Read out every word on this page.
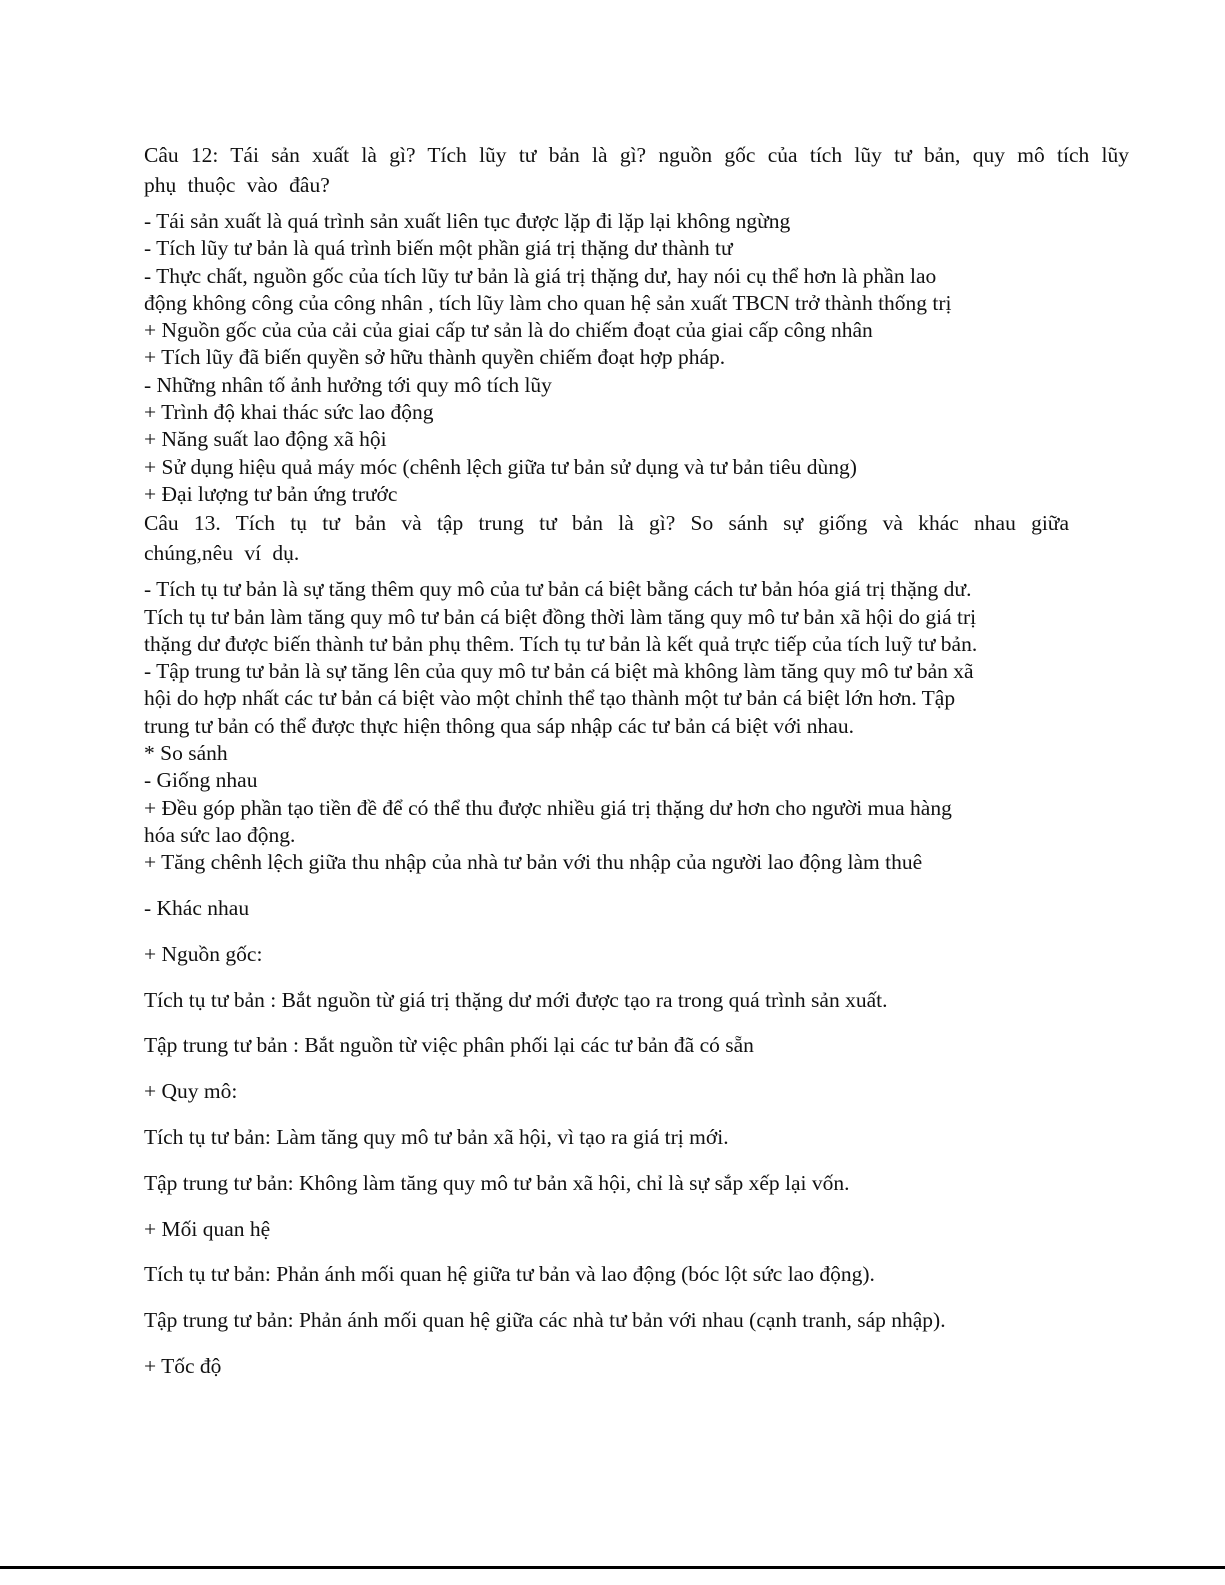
Câu 12: Tái sản xuất là gì? Tích lũy tư bản là gì? nguồn gốc của tích lũy tư bản, quy mô tích lũy phụ thuộc vào đâu?

- Tái sản xuất là quá trình sản xuất liên tục được lặp đi lặp lại không ngừng

- Tích lũy tư bản là quá trình biến một phần giá trị thặng dư thành tư

- Thực chất, nguồn gốc của tích lũy tư bản là giá trị thặng dư, hay nói cụ thể hơn là phần lao

động không công của công nhân , tích lũy làm cho quan hệ sản xuất TBCN trở thành thống trị

+ Nguồn gốc của của cải của giai cấp tư sản là do chiếm đoạt của giai cấp công nhân

+ Tích lũy đã biến quyền sở hữu thành quyền chiếm đoạt hợp pháp.

- Những nhân tố ảnh hưởng tới quy mô tích lũy

+ Trình độ khai thác sức lao động

+ Năng suất lao động xã hội

+ Sử dụng hiệu quả máy móc (chênh lệch giữa tư bản sử dụng và tư bản tiêu dùng)

+ Đại lượng tư bản ứng trước

Câu 13. Tích tụ tư bản và tập trung tư bản là gì? So sánh sự giống và khác nhau giữa chúng,nêu ví dụ.

- Tích tụ tư bản là sự tăng thêm quy mô của tư bản cá biệt bằng cách tư bản hóa giá trị thặng dư.

Tích tụ tư bản làm tăng quy mô tư bản cá biệt đồng thời làm tăng quy mô tư bản xã hội do giá trị

thặng dư được biến thành tư bản phụ thêm. Tích tụ tư bản là kết quả trực tiếp của tích luỹ tư bản.

- Tập trung tư bản là sự tăng lên của quy mô tư bản cá biệt mà không làm tăng quy mô tư bản xã

hội do hợp nhất các tư bản cá biệt vào một chỉnh thể tạo thành một tư bản cá biệt lớn hơn. Tập

trung tư bản có thể được thực hiện thông qua sáp nhập các tư bản cá biệt với nhau.

* So sánh

- Giống nhau

+ Đều góp phần tạo tiền đề để có thể thu được nhiều giá trị thặng dư hơn cho người mua hàng

hóa sức lao động.

+ Tăng chênh lệch giữa thu nhập của nhà tư bản với thu nhập của người lao động làm thuê

- Khác nhau

+ Nguồn gốc:

Tích tụ tư bản : Bắt nguồn từ giá trị thặng dư mới được tạo ra trong quá trình sản xuất.

Tập trung tư bản : Bắt nguồn từ việc phân phối lại các tư bản đã có sẵn

+ Quy mô:

Tích tụ tư bản: Làm tăng quy mô tư bản xã hội, vì tạo ra giá trị mới.

Tập trung tư bản: Không làm tăng quy mô tư bản xã hội, chỉ là sự sắp xếp lại vốn.

+ Mối quan hệ

Tích tụ tư bản: Phản ánh mối quan hệ giữa tư bản và lao động (bóc lột sức lao động).

Tập trung tư bản: Phản ánh mối quan hệ giữa các nhà tư bản với nhau (cạnh tranh, sáp nhập).

+ Tốc độ
